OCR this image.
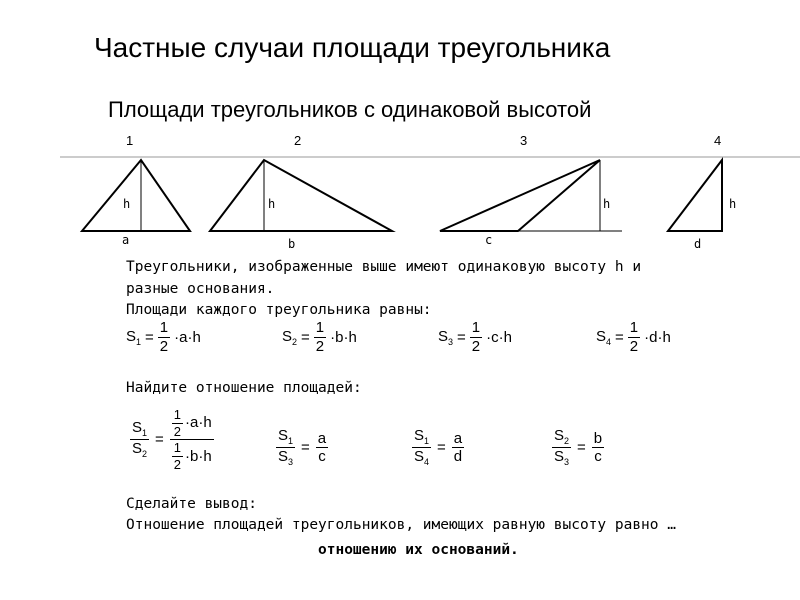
Частные случаи площади треугольника
Площади треугольников с одинаковой высотой
1	2	3	4
h
a
h
b
h
c
h
d
Треугольники, изображенные выше имеют одинаковую высоту h и
разные основания.
Площади каждого треугольника равны:
$S_1 = \frac{1}{2} \cdot a\cdot h$	$S_2 = \frac{1}{2} \cdot b\cdot h$	$S_3 = \frac{1}{2} \cdot c\cdot h$	$S_4 = \frac{1}{2} \cdot d\cdot h$
Найдите отношение площадей:
$\frac{S_1}{S_2} = \frac{\frac{1}{2} \cdot a\cdot h}{\frac{1}{2} \cdot b\cdot h}$	$\frac{S_1}{S_3} = \frac{a}{c}$	$\frac{S_1}{S_4} = \frac{a}{d}$	$\frac{S_2}{S_3} = \frac{b}{c}$
Сделайте вывод:
Отношение площадей треугольников, имеющих равную высоту равно …
отношению их оснований.
